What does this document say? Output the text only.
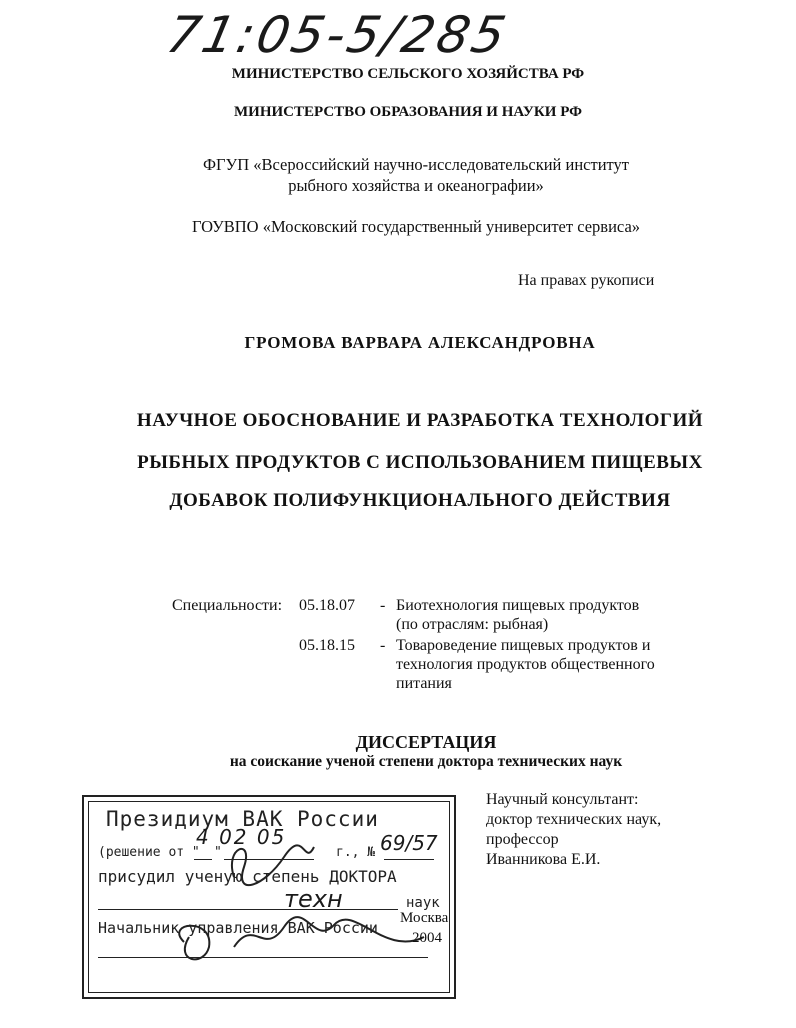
71:05-5/285
МИНИСТЕРСТВО СЕЛЬСКОГО ХОЗЯЙСТВА РФ
МИНИСТЕРСТВО ОБРАЗОВАНИЯ И НАУКИ РФ
ФГУП «Всероссийский научно-исследовательский институт
рыбного хозяйства и океанографии»
ГОУВПО «Московский государственный университет сервиса»
На правах рукописи
ГРОМОВА ВАРВАРА АЛЕКСАНДРОВНА
НАУЧНОЕ ОБОСНОВАНИЕ И РАЗРАБОТКА ТЕХНОЛОГИЙ
РЫБНЫХ ПРОДУКТОВ С ИСПОЛЬЗОВАНИЕМ ПИЩЕВЫХ
ДОБАВОК ПОЛИФУНКЦИОНАЛЬНОГО ДЕЙСТВИЯ
Специальности: 05.18.07 - Биотехнология пищевых продуктов
(по отраслям: рыбная)
05.18.15 - Товароведение пищевых продуктов и
технология продуктов общественного
питания
ДИССЕРТАЦИЯ
на соискание ученой степени доктора технических наук
Президиум ВАК России
(решение от " "	г., №
4 02 05	69/57
присудил ученую степень ДОКТОРА
техн	наук
Начальник управления ВАК России
Научный консультант:
доктор технических наук,
профессор
Иванникова Е.И.
Москва
2004
